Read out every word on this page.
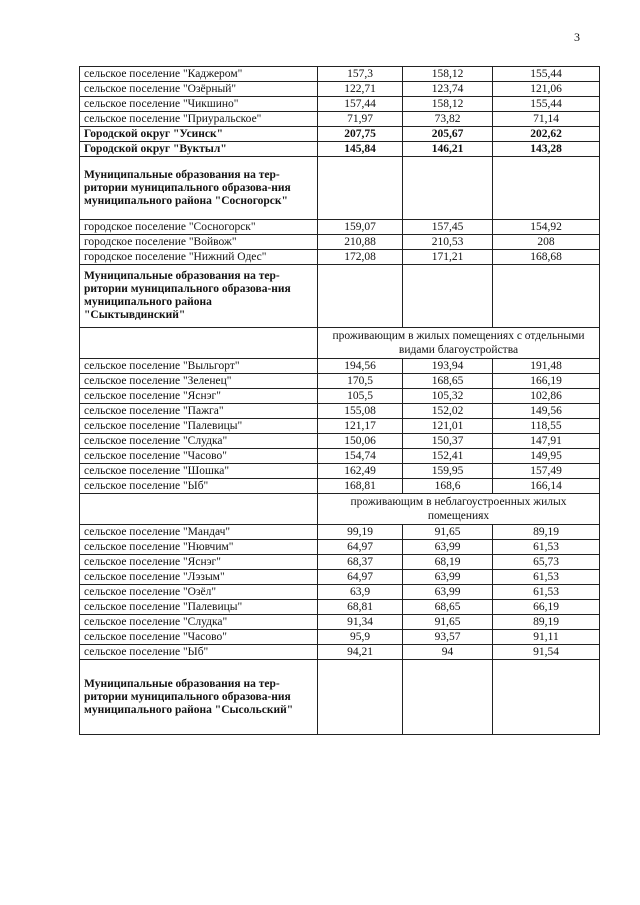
3
сельское поселение "Каджером"	157,3	158,12	155,44
сельское поселение "Озёрный"	122,71	123,74	121,06
сельское поселение "Чикшино"	157,44	158,12	155,44
сельское поселение "Приуральское"	71,97	73,82	71,14
Городской округ "Усинск"	207,75	205,67	202,62
Городской округ "Вуктыл"	145,84	146,21	143,28
Муниципальные образования на тер-ритории муниципального образова-ния муниципального района "Сосногорск"			
городское поселение "Сосногорск"	159,07	157,45	154,92
городское поселение "Войвож"	210,88	210,53	208
городское поселение "Нижний Одес"	172,08	171,21	168,68
Муниципальные образования на тер-ритории муниципального образова-ния муниципального района "Сыктывдинский"			
	проживающим в жилых помещениях с отдельными видами благоустройства		
сельское поселение "Выльгорт"	194,56	193,94	191,48
сельское поселение "Зеленец"	170,5	168,65	166,19
сельское поселение "Яснэг"	105,5	105,32	102,86
сельское поселение "Пажга"	155,08	152,02	149,56
сельское поселение "Палевицы"	121,17	121,01	118,55
сельское поселение "Слудка"	150,06	150,37	147,91
сельское поселение "Часово"	154,74	152,41	149,95
сельское поселение "Шошка"	162,49	159,95	157,49
сельское поселение "Ыб"	168,81	168,6	166,14
	проживающим в неблагоустроенных жилых помещениях		
сельское поселение "Мандач"	99,19	91,65	89,19
сельское поселение "Нювчим"	64,97	63,99	61,53
сельское поселение "Яснэг"	68,37	68,19	65,73
сельское поселение "Лэзым"	64,97	63,99	61,53
сельское поселение "Озёл"	63,9	63,99	61,53
сельское поселение "Палевицы"	68,81	68,65	66,19
сельское поселение "Слудка"	91,34	91,65	89,19
сельское поселение "Часово"	95,9	93,57	91,11
сельское поселение "Ыб"	94,21	94	91,54
Муниципальные образования на тер-ритории муниципального образова-ния муниципального района "Сысольский"			
